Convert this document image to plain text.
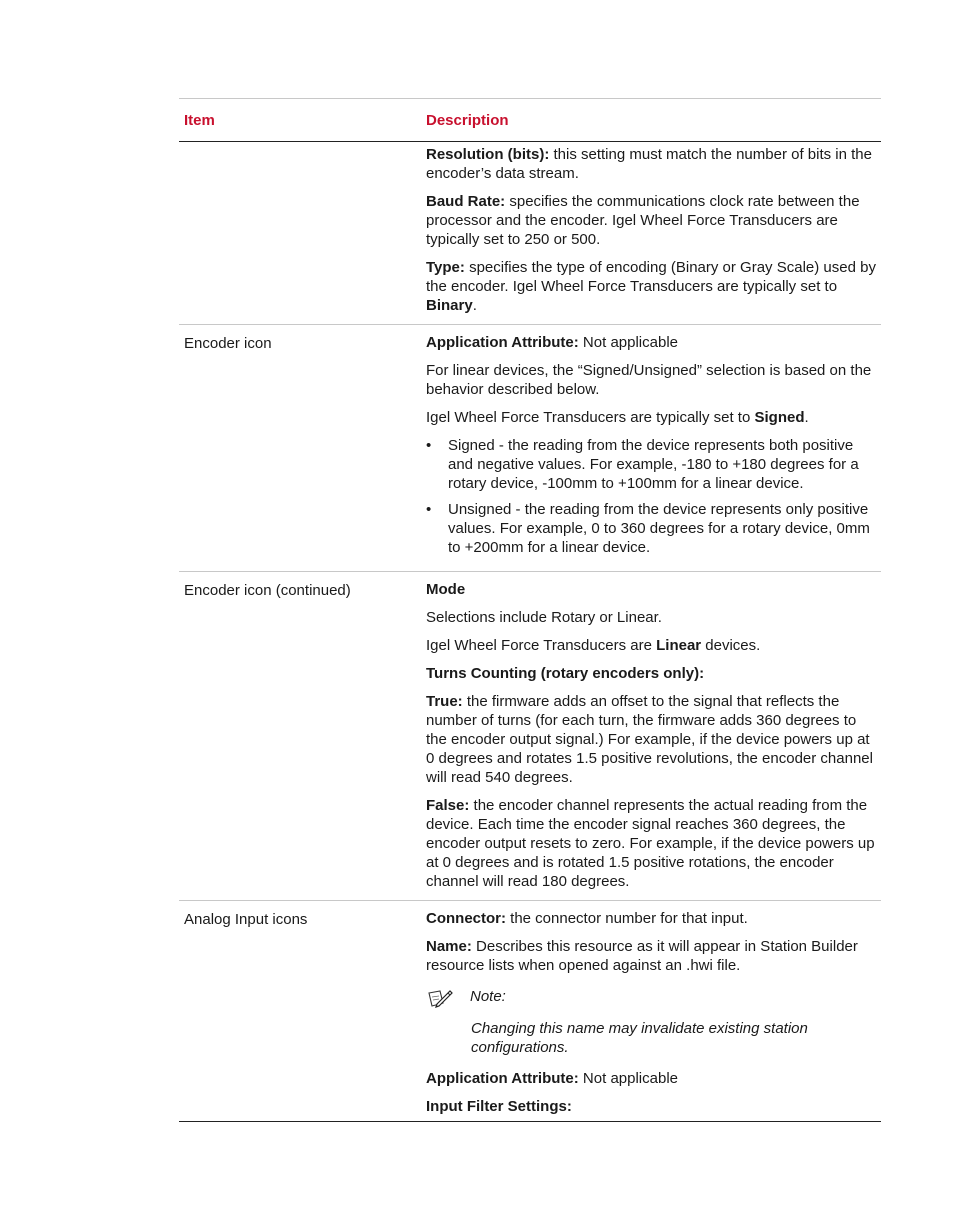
Item	Description

Resolution (bits): this setting must match the number of bits in the encoder’s data stream.

Baud Rate: specifies the communications clock rate between the processor and the encoder. Igel Wheel Force Transducers are typically set to 250 or 500.

Type: specifies the type of encoding (Binary or Gray Scale) used by the encoder. Igel Wheel Force Transducers are typically set to Binary.

Encoder icon	Application Attribute: Not applicable

For linear devices, the “Signed/Unsigned” selection is based on the behavior described below.

Igel Wheel Force Transducers are typically set to Signed.

• Signed - the reading from the device represents both positive and negative values. For example, -180 to +180 degrees for a rotary device, -100mm to +100mm for a linear device.
• Unsigned - the reading from the device represents only positive values. For example, 0 to 360 degrees for a rotary device, 0mm to +200mm for a linear device.
Encoder icon (continued)	Mode

Selections include Rotary or Linear.

Igel Wheel Force Transducers are Linear devices.

Turns Counting (rotary encoders only):

True: the firmware adds an offset to the signal that reflects the number of turns (for each turn, the firmware adds 360 degrees to the encoder output signal.) For example, if the device powers up at 0 degrees and rotates 1.5 positive revolutions, the encoder channel will read 540 degrees.

False: the encoder channel represents the actual reading from the device. Each time the encoder signal reaches 360 degrees, the encoder output resets to zero. For example, if the device powers up at 0 degrees and is rotated 1.5 positive rotations, the encoder channel will read 180 degrees.

Analog Input icons	Connector: the connector number for that input.

Name: Describes this resource as it will appear in Station Builder resource lists when opened against an .hwi file.

Note:

Changing this name may invalidate existing station configurations.

Application Attribute: Not applicable

Input Filter Settings:
